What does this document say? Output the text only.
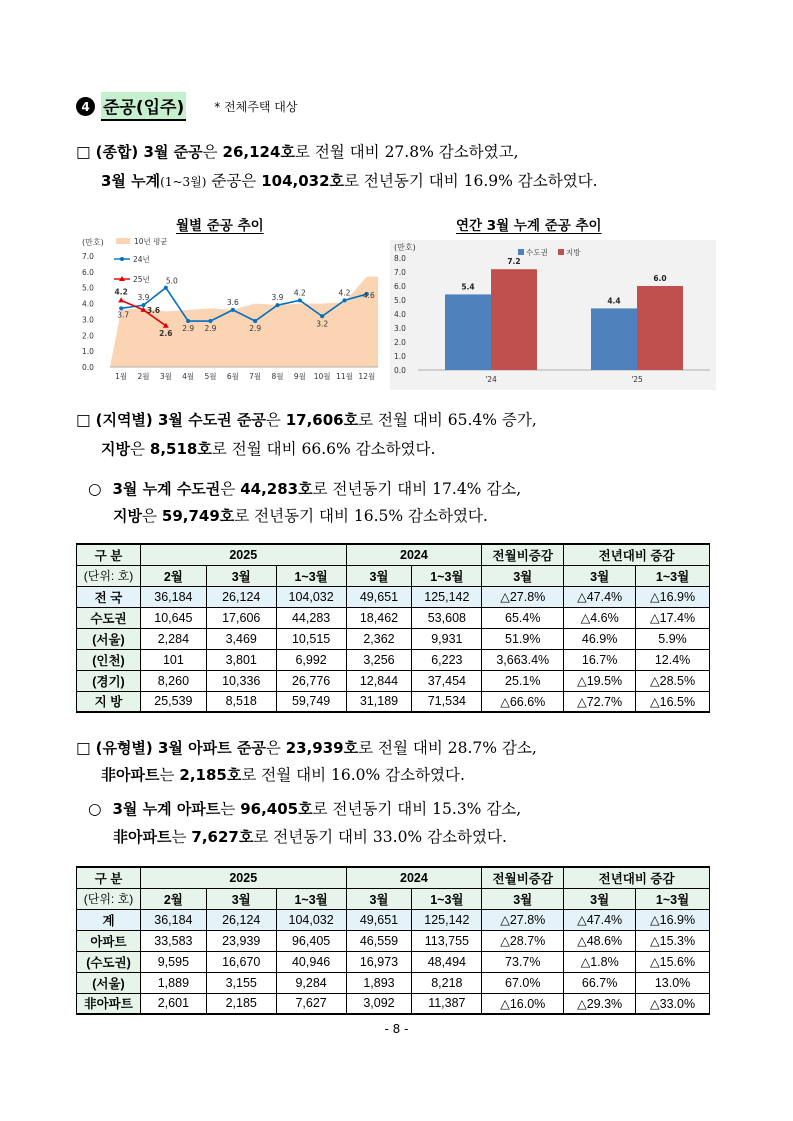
4 준공(입주)	* 전체주택 대상
□ (종합) 3월 준공은 26,124호로 전월 대비 27.8% 감소하였고,
3월 누계(1~3월) 준공은 104,032호로 전년동기 대비 16.9% 감소하였다.
월별 준공 추이	연간 3월 누계 준공 추이
(만호)
0.0
1.0
2.0
3.0
4.0
5.0
6.0
7.0
1월 2월 3월 4월 5월 6월 7월 8월 9월 10월 11월 12월
3.7
3.9
5.0
2.9 2.9
3.6
2.9
3.9
4.2
3.2
4.2 4.6
4.2
3.6
2.6
10년 평균
24년
25년
(만호)
0.0
1.0
2.0
3.0
4.0
5.0
6.0
7.0
8.0
5.4
7.2
'24
4.4
6.0
'25
수도권 지방
□ (지역별) 3월 수도권 준공은 17,606호로 전월 대비 65.4% 증가,
지방은 8,518호로 전월 대비 66.6% 감소하였다.
○ 3월 누계 수도권은 44,283호로 전년동기 대비 17.4% 감소,
지방은 59,749호로 전년동기 대비 16.5% 감소하였다.
구 분	2025			2024		전월비증감	전년대비 증감	
(단위: 호)	2월	3월	1~3월	3월	1~3월	3월	3월	1~3월
전 국	36,184	26,124	104,032	49,651	125,142	△27.8%	△47.4%	△16.9%
수도권	10,645	17,606	44,283	18,462	53,608	65.4%	△4.6%	△17.4%
(서울)	2,284	3,469	10,515	2,362	9,931	51.9%	46.9%	5.9%
(인천)	101	3,801	6,992	3,256	6,223	3,663.4%	16.7%	12.4%
(경기)	8,260	10,336	26,776	12,844	37,454	25.1%	△19.5%	△28.5%
지 방	25,539	8,518	59,749	31,189	71,534	△66.6%	△72.7%	△16.5%
□ (유형별) 3월 아파트 준공은 23,939호로 전월 대비 28.7% 감소,
非아파트는 2,185호로 전월 대비 16.0% 감소하였다.
○ 3월 누계 아파트는 96,405호로 전년동기 대비 15.3% 감소,
非아파트는 7,627호로 전년동기 대비 33.0% 감소하였다.
구 분	2025			2024		전월비증감	전년대비 증감	
(단위: 호)	2월	3월	1~3월	3월	1~3월	3월	3월	1~3월
계	36,184	26,124	104,032	49,651	125,142	△27.8%	△47.4%	△16.9%
아파트	33,583	23,939	96,405	46,559	113,755	△28.7%	△48.6%	△15.3%
(수도권)	9,595	16,670	40,946	16,973	48,494	73.7%	△1.8%	△15.6%
(서울)	1,889	3,155	9,284	1,893	8,218	67.0%	66.7%	13.0%
非아파트	2,601	2,185	7,627	3,092	11,387	△16.0%	△29.3%	△33.0%
- 8 -
